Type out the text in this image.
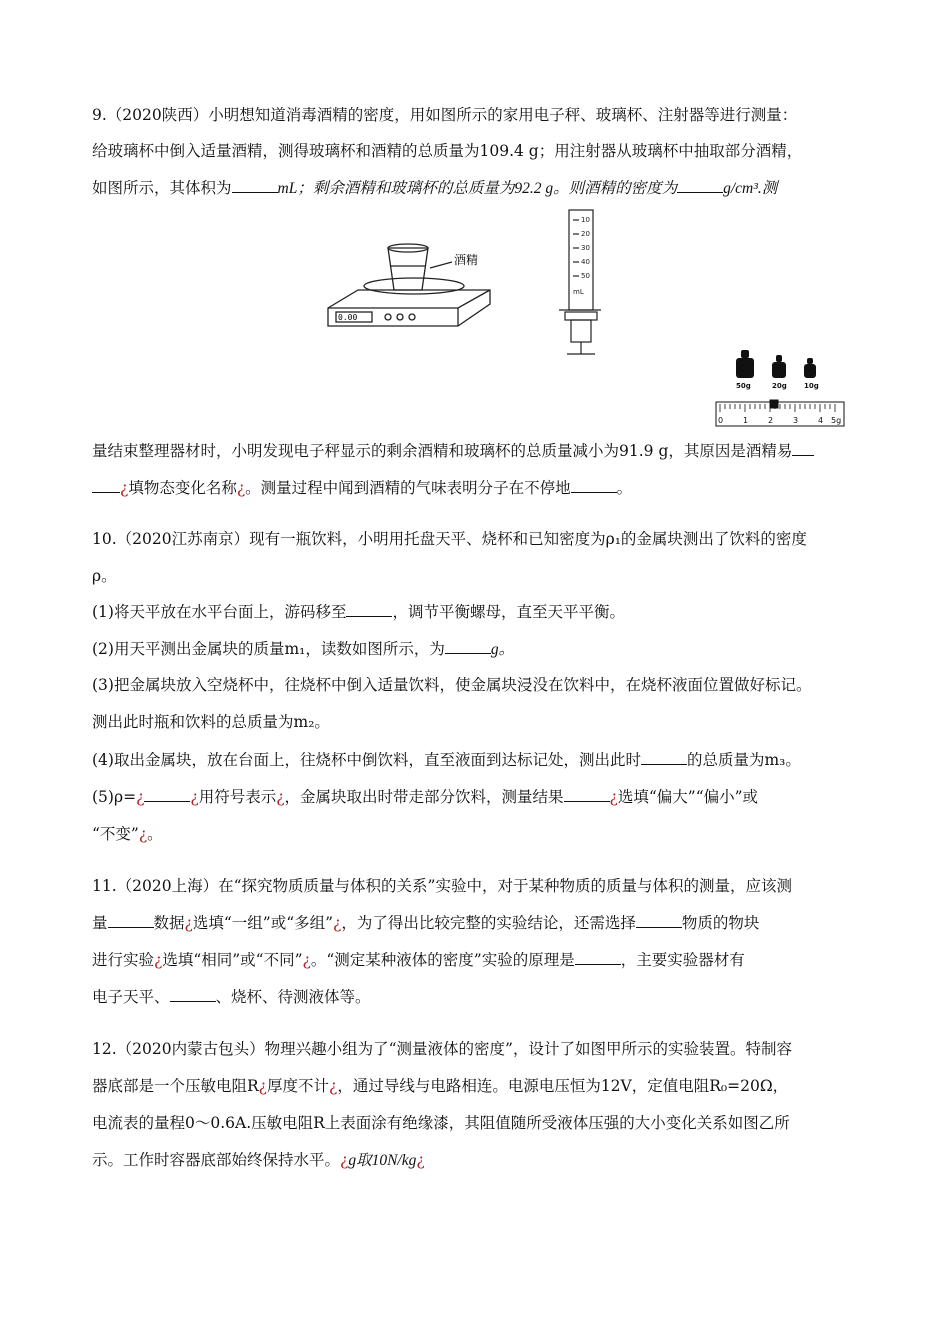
9.（2020陕西）小明想知道消毒酒精的密度，用如图所示的家用电子秤、玻璃杯、注射器等进行测量：
给玻璃杯中倒入适量酒精，测得玻璃杯和酒精的总质量为109.4 g；用注射器从玻璃杯中抽取部分酒精，
如图所示，其体积为	mL；剩余酒精和玻璃杯的总质量为92.2 g。则酒精的密度为	g/cm³.测
0.00
酒精
10
20
30
40
50
mL
50g	20g 10g
0 1 2 3 4 5g
量结束整理器材时，小明发现电子秤显示的剩余酒精和玻璃杯的总质量减小为91.9 g，其原因是酒精易
¿填物态变化名称¿。测量过程中闻到酒精的气味表明分子在不停地	。
10.（2020江苏南京）现有一瓶饮料，小明用托盘天平、烧杯和已知密度为ρ₁的金属块测出了饮料的密度
ρ。
(1)将天平放在水平台面上，游码移至	，调节平衡螺母，直至天平平衡。
(2)用天平测出金属块的质量m₁，读数如图所示，为	g。
(3)把金属块放入空烧杯中，往烧杯中倒入适量饮料，使金属块浸没在饮料中，在烧杯液面位置做好标记。
测出此时瓶和饮料的总质量为m₂。
(4)取出金属块，放在台面上，往烧杯中倒饮料，直至液面到达标记处，测出此时	的总质量为m₃。
(5)ρ=¿	¿用符号表示¿，金属块取出时带走部分饮料，测量结果	¿选填“偏大”“偏小”或
“不变”¿。
11.（2020上海）在“探究物质质量与体积的关系”实验中，对于某种物质的质量与体积的测量，应该测
量	数据¿选填“一组”或“多组”¿，为了得出比较完整的实验结论，还需选择	物质的物块
进行实验¿选填“相同”或“不同”¿。“测定某种液体的密度”实验的原理是	，主要实验器材有
电子天平、	、烧杯、待测液体等。
12.（2020内蒙古包头）物理兴趣小组为了“测量液体的密度”，设计了如图甲所示的实验装置。特制容
器底部是一个压敏电阻R¿厚度不计¿，通过导线与电路相连。电源电压恒为12V，定值电阻R₀=20Ω，
电流表的量程0～0.6A.压敏电阻R上表面涂有绝缘漆，其阻值随所受液体压强的大小变化关系如图乙所
示。工作时容器底部始终保持水平。¿g取10N/kg¿
